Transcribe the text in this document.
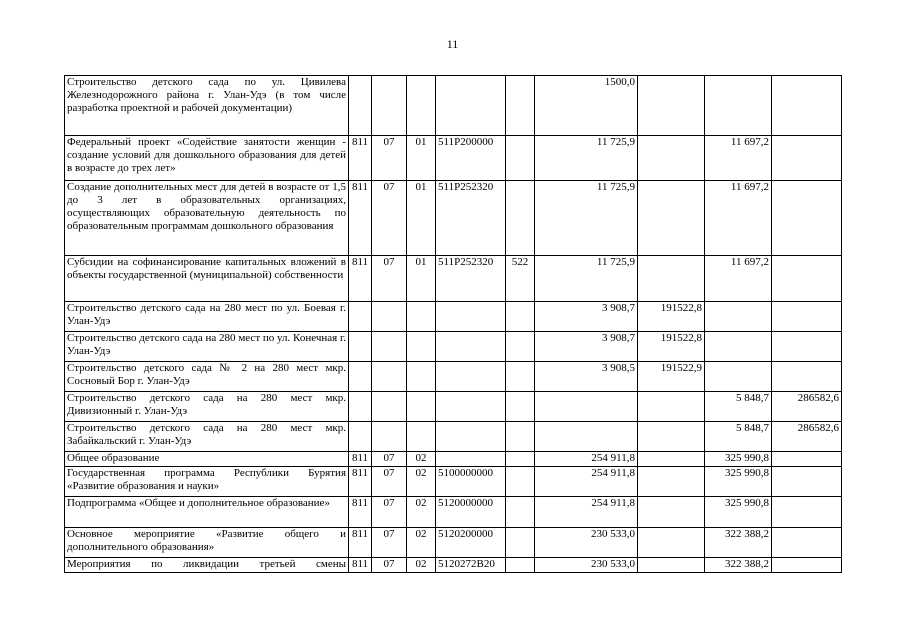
11
Строительство детского сада по ул. Цивилева Железнодорожного района г. Улан-Удэ (в том числе разработка проектной и рабочей документации)						1500,0			
Федеральный проект «Содействие занятости женщин - создание условий для дошкольного образования для детей в возрасте до трех лет»	811	07	01	511P200000		11 725,9		11 697,2	
Создание дополнительных мест для детей в возрасте от 1,5 до 3 лет в образовательных организациях, осуществляющих образовательную деятельность по образовательным программам дошкольного образования	811	07	01	511P252320		11 725,9		11 697,2	
Субсидии на софинансирование капитальных вложений в объекты государственной (муниципальной) собственности	811	07	01	511P252320	522	11 725,9		11 697,2	
Строительство детского сада на 280 мест по ул. Боевая г. Улан-Удэ						3 908,7	191522,8		
Строительство детского сада на 280 мест по ул. Конечная г. Улан-Удэ						3 908,7	191522,8		
Строительство детского сада № 2 на 280 мест мкр. Сосновый Бор г. Улан-Удэ						3 908,5	191522,9		
Строительство детского сада на 280 мест мкр. Дивизионный г. Улан-Удэ								5 848,7	286582,6
Строительство детского сада на 280 мест мкр. Забайкальский г. Улан-Удэ								5 848,7	286582,6
Общее образование	811	07	02			254 911,8		325 990,8	
Государственная программа Республики Бурятия «Развитие образования и науки»	811	07	02	5100000000		254 911,8		325 990,8	
Подпрограмма «Общее и дополнительное образование»	811	07	02	5120000000		254 911,8		325 990,8	
Основное мероприятие «Развитие общего и дополнительного образования»	811	07	02	5120200000		230 533,0		322 388,2	
Мероприятия по ликвидации третьей смены	811	07	02	5120272В20		230 533,0		322 388,2	
